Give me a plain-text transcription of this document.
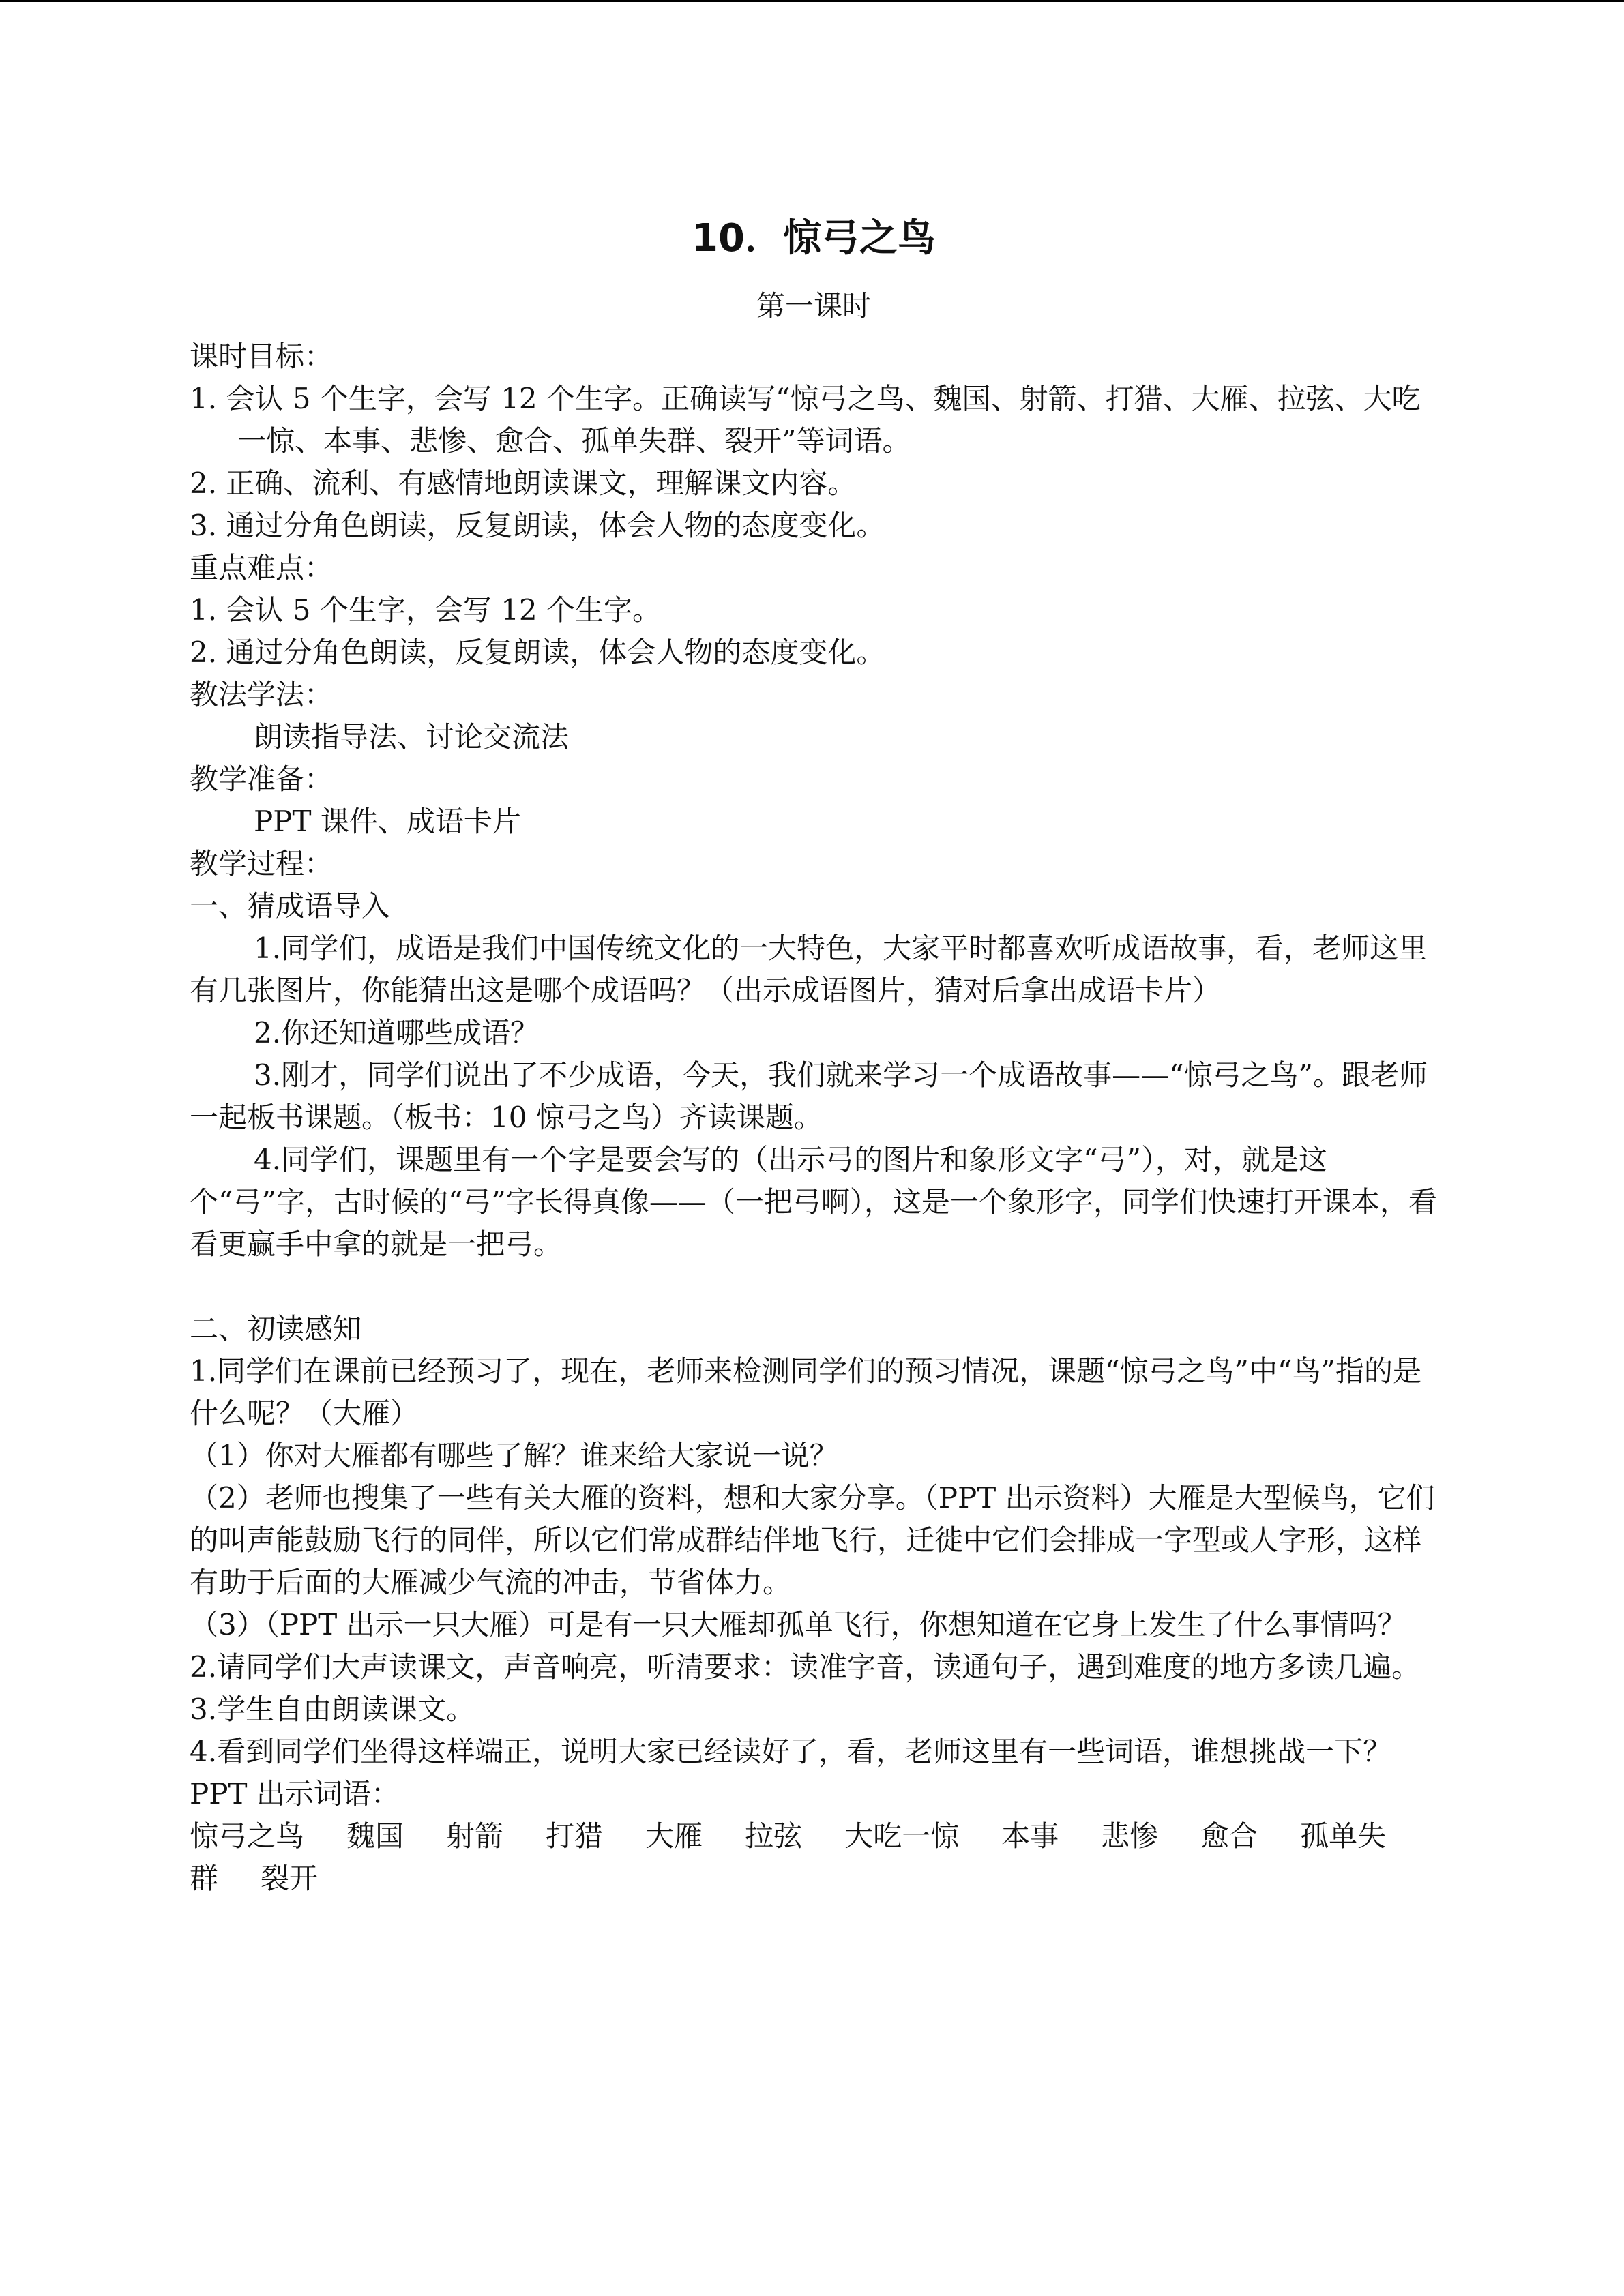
10．惊弓之鸟

第一课时

课时目标：

1. 会认 5 个生字，会写 12 个生字。正确读写“惊弓之鸟、魏国、射箭、打猎、大雁、拉弦、大吃一惊、本事、悲惨、愈合、孤单失群、裂开”等词语。

2. 正确、流利、有感情地朗读课文，理解课文内容。

3. 通过分角色朗读，反复朗读，体会人物的态度变化。

重点难点：

1. 会认 5 个生字，会写 12 个生字。

2. 通过分角色朗读，反复朗读，体会人物的态度变化。

教法学法：

朗读指导法、讨论交流法

教学准备：

PPT 课件、成语卡片

教学过程：

一、猜成语导入

1.同学们，成语是我们中国传统文化的一大特色，大家平时都喜欢听成语故事，看，老师这里有几张图片，你能猜出这是哪个成语吗？（出示成语图片，猜对后拿出成语卡片）

2.你还知道哪些成语？

3.刚才，同学们说出了不少成语，今天，我们就来学习一个成语故事——“惊弓之鸟”。跟老师一起板书课题。（板书：10 惊弓之鸟）齐读课题。

4.同学们，课题里有一个字是要会写的（出示弓的图片和象形文字“弓”），对，就是这个“弓”字，古时候的“弓”字长得真像——（一把弓啊），这是一个象形字，同学们快速打开课本，看看更赢手中拿的就是一把弓。

二、初读感知

1.同学们在课前已经预习了，现在，老师来检测同学们的预习情况，课题“惊弓之鸟”中“鸟”指的是什么呢？（大雁）

（1）你对大雁都有哪些了解？谁来给大家说一说？

（2）老师也搜集了一些有关大雁的资料，想和大家分享。（PPT 出示资料）大雁是大型候鸟，它们的叫声能鼓励飞行的同伴，所以它们常成群结伴地飞行，迁徙中它们会排成一字型或人字形，这样有助于后面的大雁减少气流的冲击，节省体力。

（3）（PPT 出示一只大雁）可是有一只大雁却孤单飞行，你想知道在它身上发生了什么事情吗？

2.请同学们大声读课文，声音响亮，听清要求：读准字音，读通句子，遇到难度的地方多读几遍。

3.学生自由朗读课文。

4.看到同学们坐得这样端正，说明大家已经读好了，看，老师这里有一些词语，谁想挑战一下？

PPT 出示词语：

惊弓之鸟 魏国 射箭 打猎 大雁 拉弦 大吃一惊 本事 悲惨 愈合 孤单失
群 裂开
